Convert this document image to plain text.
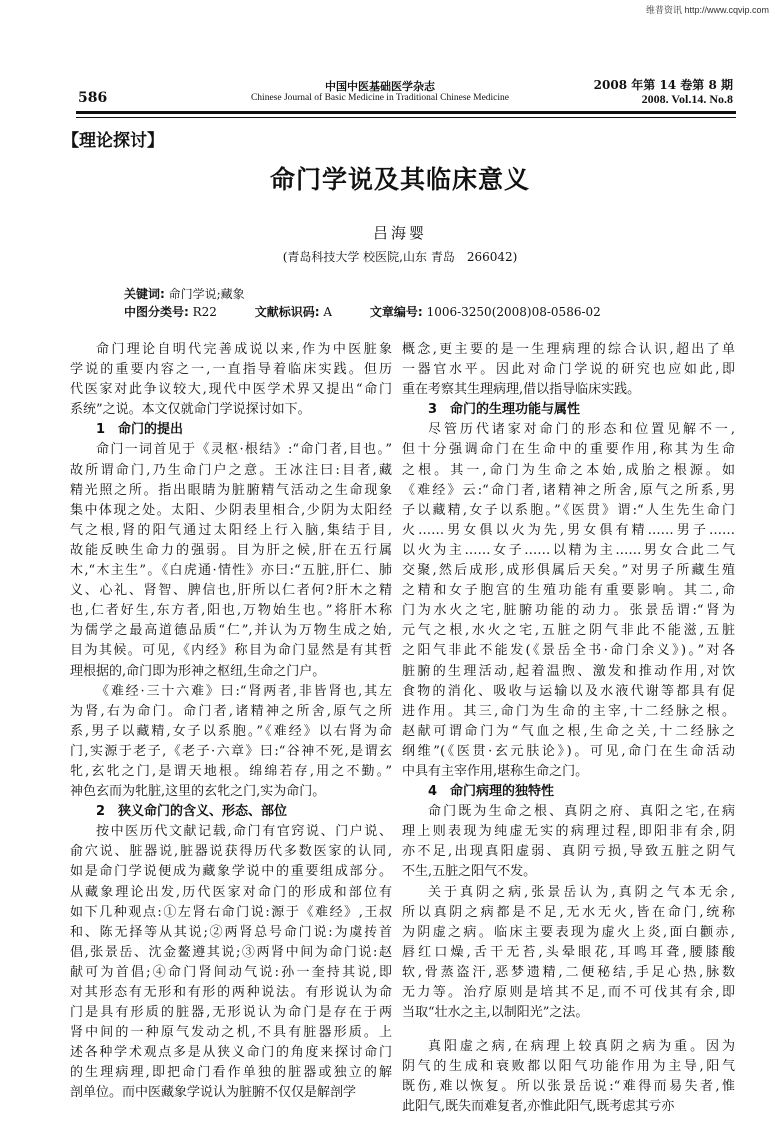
维普资讯 http://www.cqvip.com
586
中国中医基础医学杂志
Chinese Journal of Basic Medicine in Traditional Chinese Medicine
2008 年第 14 卷第 8 期
2008. Vol.14. No.8
【理论探讨】
命门学说及其临床意义
吕海婴
(青岛科技大学 校医院,山东 青岛　266042)
关键词: 命门学说;藏象
中图分类号: R22	文献标识码: A	文章编号: 1006-3250(2008)08-0586-02
命门理论自明代完善成说以来,作为中医脏象
学说的重要内容之一,一直指导着临床实践。但历
代医家对此争议较大,现代中医学术界又提出“命门
系统”之说。本文仅就命门学说探讨如下。
1　命门的提出
命门一词首见于《灵枢·根结》:“命门者,目也。”
故所谓命门,乃生命门户之意。王冰注曰:目者,藏
精光照之所。指出眼睛为脏腑精气活动之生命现象
集中体现之处。太阳、少阴表里相合,少阴为太阳经
气之根,肾的阳气通过太阳经上行入脑,集结于目,
故能反映生命力的强弱。目为肝之候,肝在五行属
木,“木主生”。《白虎通·情性》亦曰:“五脏,肝仁、肺
义、心礼、肾智、脾信也,肝所以仁者何?肝木之精
也,仁者好生,东方者,阳也,万物始生也。”将肝木称
为儒学之最高道德品质“仁”,并认为万物生成之始,
目为其候。可见,《内经》称目为命门显然是有其哲
理根据的,命门即为形神之枢纽,生命之门户。
《难经·三十六难》曰:“肾两者,非皆肾也,其左
为肾,右为命门。命门者,诸精神之所舍,原气之所
系,男子以藏精,女子以系胞。”《难经》以右肾为命
门,实源于老子,《老子·六章》曰:“谷神不死,是谓玄
牝,玄牝之门,是谓天地根。绵绵若存,用之不勤。”
神色玄而为牝脏,这里的玄牝之门,实为命门。
2　狭义命门的含义、形态、部位
按中医历代文献记载,命门有官窍说、门户说、
俞穴说、脏器说,脏器说获得历代多数医家的认同,
如是命门学说便成为藏象学说中的重要组成部分。
从藏象理论出发,历代医家对命门的形成和部位有
如下几种观点:①左肾右命门说:源于《难经》,王叔
和、陈无择等从其说;②两肾总号命门说:为虞抟首
倡,张景岳、沈金鳌遵其说;③两肾中间为命门说:赵
献可为首倡;④命门肾间动气说:孙一奎持其说,即
对其形态有无形和有形的两种说法。有形说认为命
门是具有形质的脏器,无形说认为命门是存在于两
肾中间的一种原气发动之机,不具有脏器形质。上
述各种学术观点多是从狭义命门的角度来探讨命门
的生理病理,即把命门看作单独的脏器或独立的解
剖单位。而中医藏象学说认为脏腑不仅仅是解剖学
概念,更主要的是一生理病理的综合认识,超出了单
一器官水平。因此对命门学说的研究也应如此,即
重在考察其生理病理,借以指导临床实践。
3　命门的生理功能与属性
尽管历代诸家对命门的形态和位置见解不一,
但十分强调命门在生命中的重要作用,称其为生命
之根。其一,命门为生命之本始,成胎之根源。如
《难经》云:“命门者,诸精神之所舍,原气之所系,男
子以藏精,女子以系胞。”《医贯》谓:“人生先生命门
火……男女俱以火为先,男女俱有精……男子……
以火为主……女子……以精为主……男女合此二气
交聚,然后成形,成形俱属后天矣。”对男子所藏生殖
之精和女子胞宫的生殖功能有重要影响。其二,命
门为水火之宅,脏腑功能的动力。张景岳谓:“肾为
元气之根,水火之宅,五脏之阴气非此不能滋,五脏
之阳气非此不能发(《景岳全书·命门余义》)。”对各
脏腑的生理活动,起着温煦、激发和推动作用,对饮
食物的消化、吸收与运输以及水液代谢等都具有促
进作用。其三,命门为生命的主宰,十二经脉之根。
赵献可谓命门为“气血之根,生命之关,十二经脉之
纲维”(《医贯·玄元肤论》)。可见,命门在生命活动
中具有主宰作用,堪称生命之门。
4　命门病理的独特性
命门既为生命之根、真阴之府、真阳之宅,在病
理上则表现为纯虚无实的病理过程,即阳非有余,阴
亦不足,出现真阳虚弱、真阴亏损,导致五脏之阴气
不生,五脏之阳气不发。
关于真阴之病,张景岳认为,真阴之气本无余,
所以真阴之病都是不足,无水无火,皆在命门,统称
为阴虚之病。临床主要表现为虚火上炎,面白颧赤,
唇红口燥,舌干无苔,头晕眼花,耳鸣耳聋,腰膝酸
软,骨蒸盗汗,恶梦遗精,二便秘结,手足心热,脉数
无力等。治疗原则是培其不足,而不可伐其有余,即
当取“壮水之主,以制阳光”之法。
真阳虚之病,在病理上较真阴之病为重。因为
阴气的生成和衰败都以阳气功能作用为主导,阳气
既伤,难以恢复。所以张景岳说:“难得而易失者,惟
此阳气,既失而难复者,亦惟此阳气,既考虑其亏亦
